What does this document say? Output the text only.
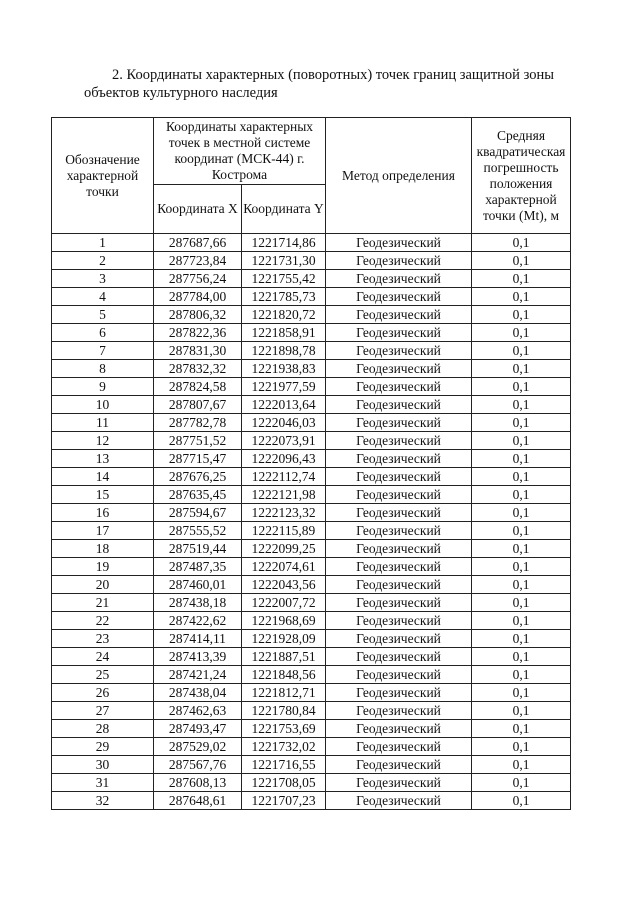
2. Координаты характерных (поворотных) точек границ защитной зоны
объектов культурного наследия
Обозначение характерной точки	Координаты характерных точек в местной системе координат (МСК-44) г. Кострома		Метод определения	Средняя квадратическая погрешность положения характерной точки (Mt), м
	Координата X	Координата Y		
1	287687,66	1221714,86	Геодезический	0,1
2	287723,84	1221731,30	Геодезический	0,1
3	287756,24	1221755,42	Геодезический	0,1
4	287784,00	1221785,73	Геодезический	0,1
5	287806,32	1221820,72	Геодезический	0,1
6	287822,36	1221858,91	Геодезический	0,1
7	287831,30	1221898,78	Геодезический	0,1
8	287832,32	1221938,83	Геодезический	0,1
9	287824,58	1221977,59	Геодезический	0,1
10	287807,67	1222013,64	Геодезический	0,1
11	287782,78	1222046,03	Геодезический	0,1
12	287751,52	1222073,91	Геодезический	0,1
13	287715,47	1222096,43	Геодезический	0,1
14	287676,25	1222112,74	Геодезический	0,1
15	287635,45	1222121,98	Геодезический	0,1
16	287594,67	1222123,32	Геодезический	0,1
17	287555,52	1222115,89	Геодезический	0,1
18	287519,44	1222099,25	Геодезический	0,1
19	287487,35	1222074,61	Геодезический	0,1
20	287460,01	1222043,56	Геодезический	0,1
21	287438,18	1222007,72	Геодезический	0,1
22	287422,62	1221968,69	Геодезический	0,1
23	287414,11	1221928,09	Геодезический	0,1
24	287413,39	1221887,51	Геодезический	0,1
25	287421,24	1221848,56	Геодезический	0,1
26	287438,04	1221812,71	Геодезический	0,1
27	287462,63	1221780,84	Геодезический	0,1
28	287493,47	1221753,69	Геодезический	0,1
29	287529,02	1221732,02	Геодезический	0,1
30	287567,76	1221716,55	Геодезический	0,1
31	287608,13	1221708,05	Геодезический	0,1
32	287648,61	1221707,23	Геодезический	0,1
